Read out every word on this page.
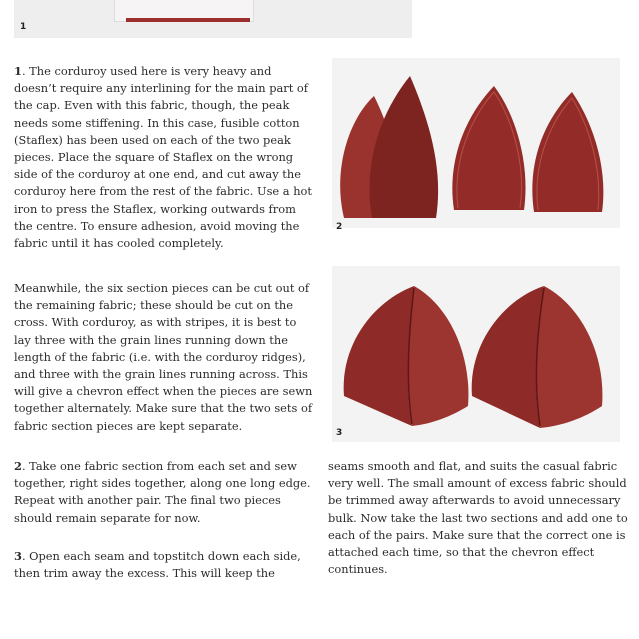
1

1. The corduroy used here is very heavy and doesn’t require any interlining for the main part of the cap. Even with this fabric, though, the peak needs some stiffening. In this case, fusible cotton (Staflex) has been used on each of the two peak pieces. Place the square of Staflex on the wrong side of the corduroy at one end, and cut away the corduroy here from the rest of the fabric. Use a hot iron to press the Staflex, working outwards from the centre. To ensure adhesion, avoid moving the fabric until it has cooled completely.

Meanwhile, the six section pieces can be cut out of the remaining fabric; these should be cut on the cross. With corduroy, as with stripes, it is best to lay three with the grain lines running down the length of the fabric (i.e. with the corduroy ridges), and three with the grain lines running across. This will give a chevron effect when the pieces are sewn together alternately. Make sure that the two sets of fabric section pieces are kept separate.

2. Take one fabric section from each set and sew together, right sides together, along one long edge. Repeat with another pair. The final two pieces should remain separate for now.

3. Open each seam and topstitch down each side, then trim away the excess. This will keep the

seams smooth and flat, and suits the casual fabric very well. The small amount of excess fabric should be trimmed away afterwards to avoid unnecessary bulk. Now take the last two sections and add one to each of the pairs. Make sure that the correct one is attached each time, so that the chevron effect continues.

2
3
